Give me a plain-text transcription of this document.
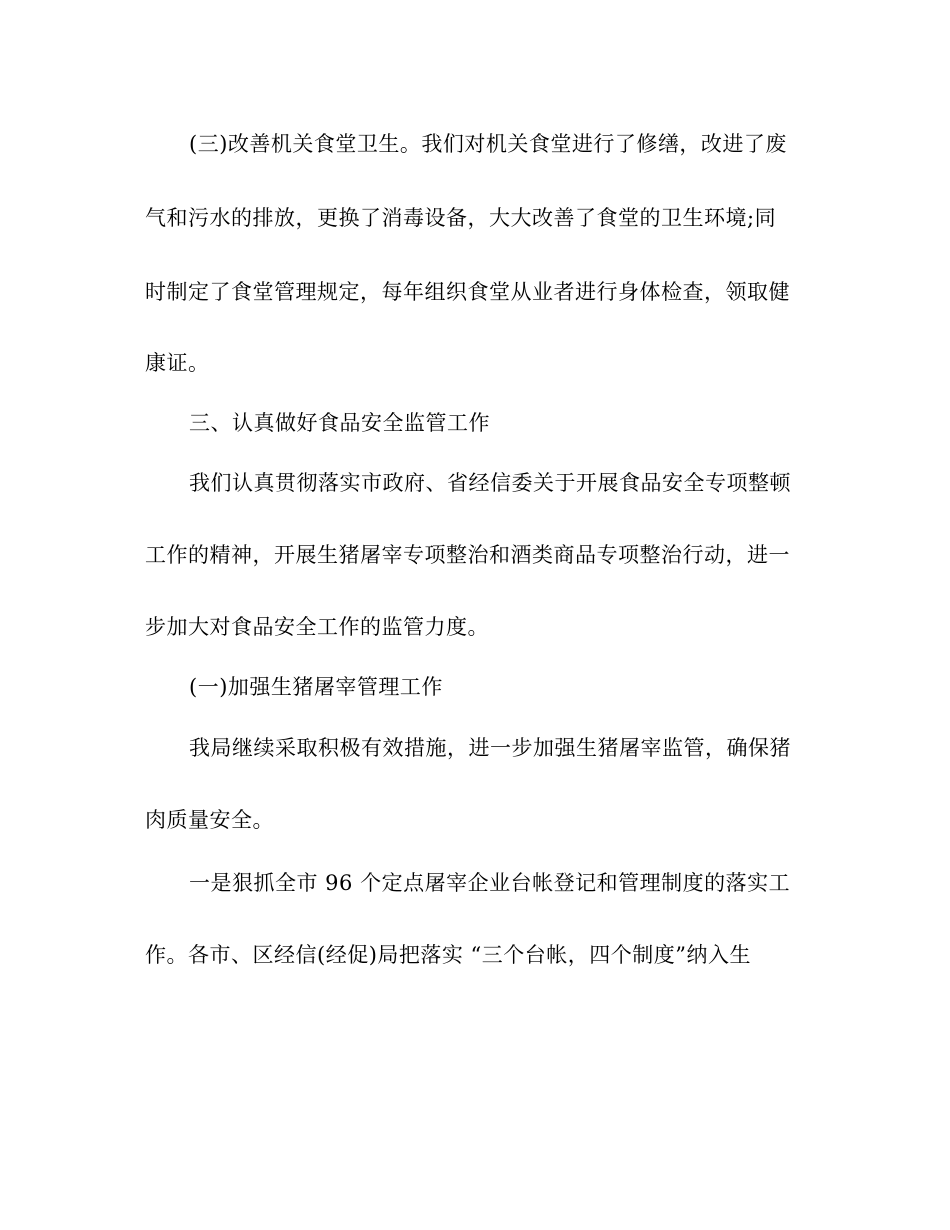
(三)改善机关食堂卫生。我们对机关食堂进行了修缮，改进了废
气和污水的排放，更换了消毒设备，大大改善了食堂的卫生环境;同
时制定了食堂管理规定，每年组织食堂从业者进行身体检查，领取健
康证。
三、认真做好食品安全监管工作
我们认真贯彻落实市政府、省经信委关于开展食品安全专项整顿
工作的精神，开展生猪屠宰专项整治和酒类商品专项整治行动，进一
步加大对食品安全工作的监管力度。
(一)加强生猪屠宰管理工作
我局继续采取积极有效措施，进一步加强生猪屠宰监管，确保猪
肉质量安全。
一是狠抓全市 96 个定点屠宰企业台帐登记和管理制度的落实工
作。各市、区经信(经促)局把落实 “三个台帐，四个制度”纳入生
